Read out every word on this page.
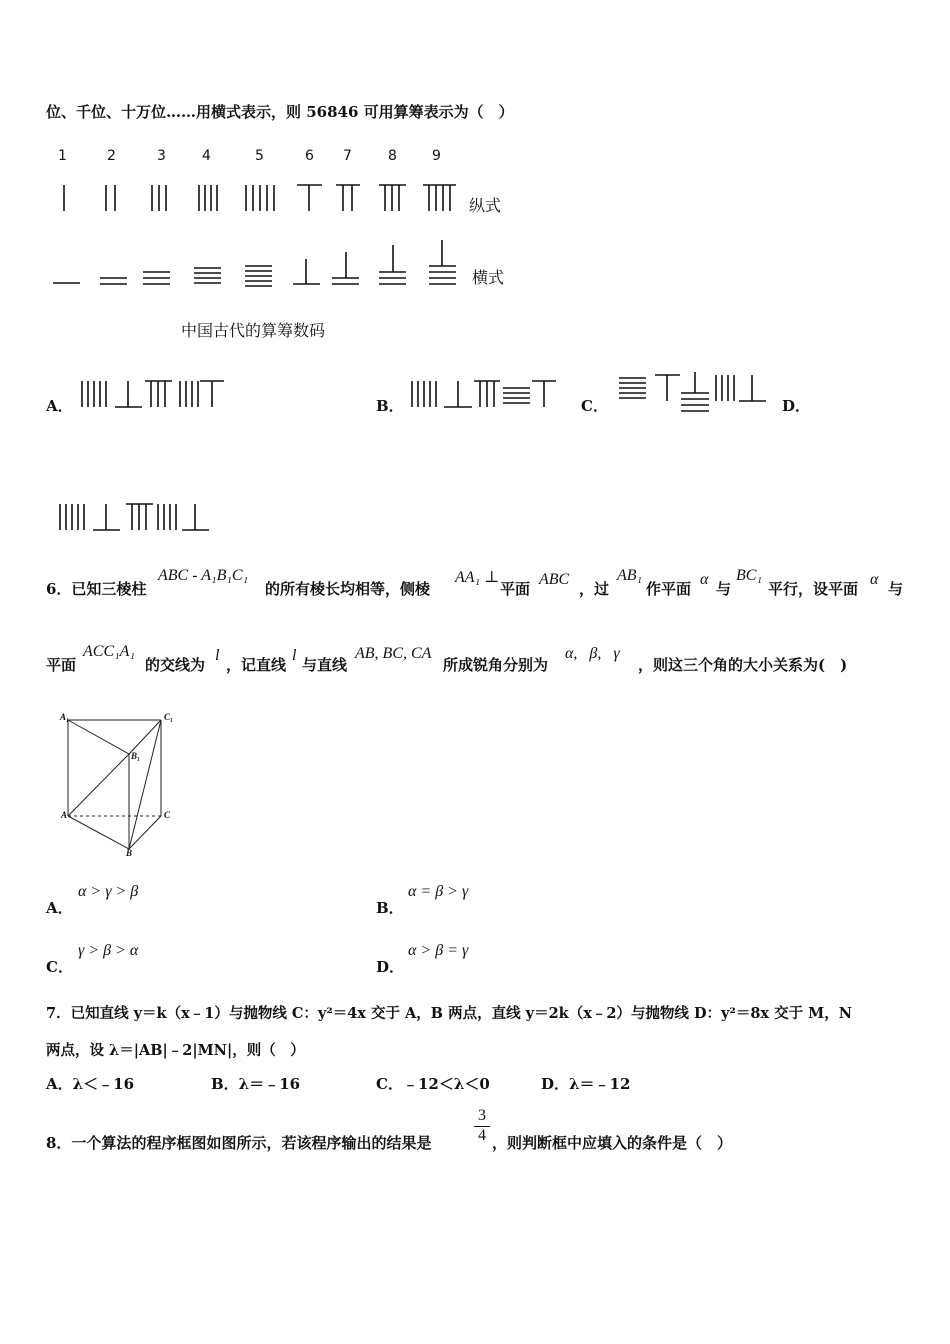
位、千位、十万位……用横式表示，则 56846 可用算筹表示为（　）
1	2	3	4	5	6 7	8	9
纵式
横式
中国古代的算筹数码
A．	B．	C．	D．
6．已知三棱柱
ABC - A₁B₁C₁
的所有棱长均相等，侧棱
AA₁ ⊥
平面
ABC
，过
AB₁
作平面
α
与
BC₁
平行，设平面
α
与
平面
ACC₁A₁
的交线为
l
，记直线
l
与直线
AB, BC, CA
所成锐角分别为
α,   β,   γ
，则这三个角的大小关系为(　)
A₁	C₁
B₁
A	C
B
A．
α > γ > β
B．
α = β > γ
C．
γ > β > α
D．
α > β = γ
7．已知直线 y＝k（x﹣1）与抛物线 C：y²＝4x 交于 A，B 两点，直线 y＝2k（x﹣2）与抛物线 D：y²＝8x 交于 M，N
两点，设 λ＝|AB|﹣2|MN|，则（　）
A．λ＜﹣16	B．λ＝﹣16	C．﹣12＜λ＜0	D．λ＝﹣12
8．一个算法的程序框图如图所示，若该程序输出的结果是	$\frac{3}{4}$ ，则判断框中应填入的条件是（　）
